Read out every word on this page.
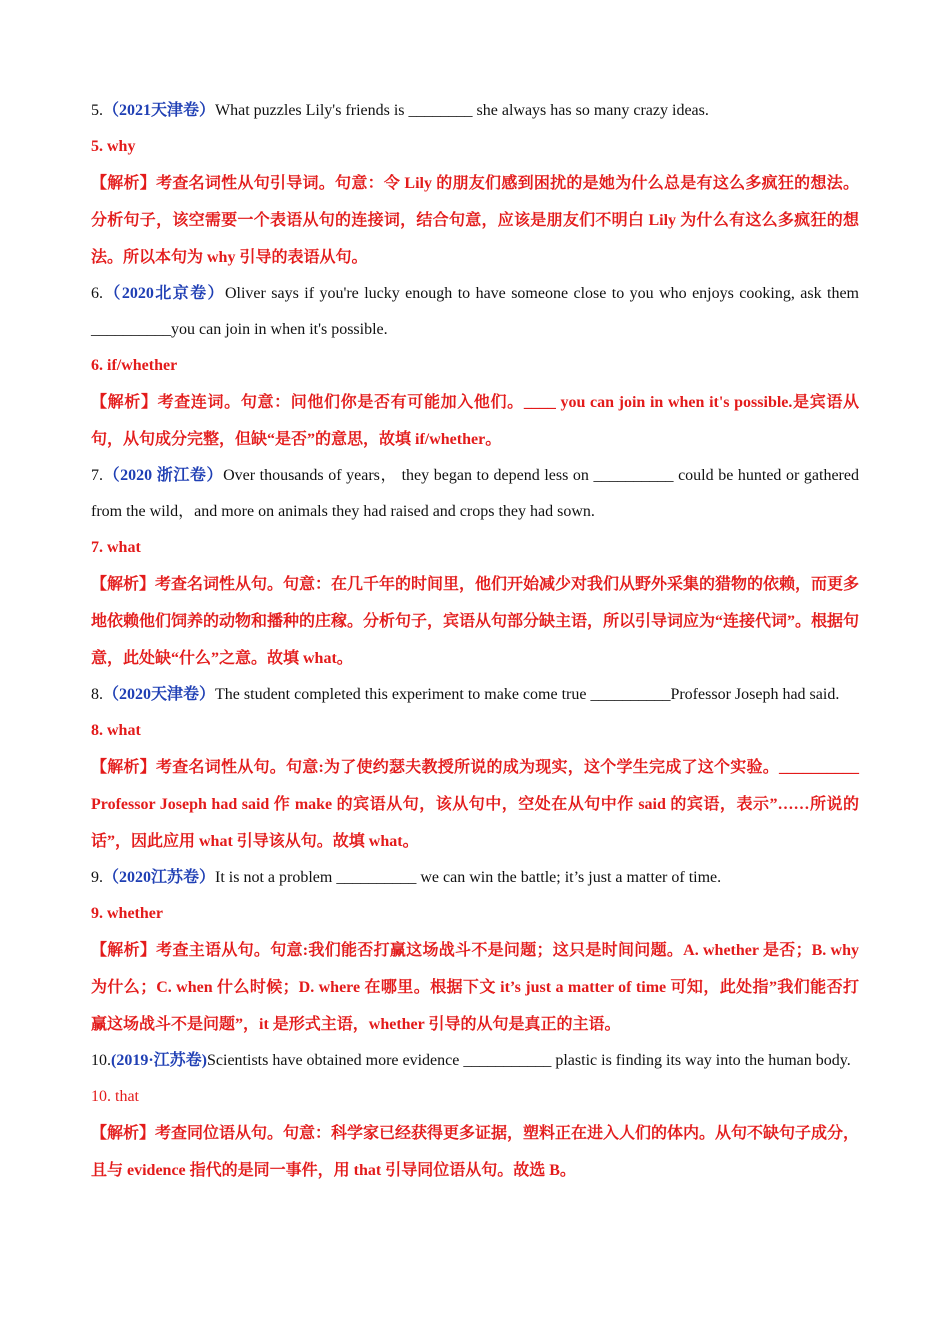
5.（2021天津卷）What puzzles Lily's friends is ________ she always has so many crazy ideas.

5. why

【解析】考查名词性从句引导词。句意：令 Lily 的朋友们感到困扰的是她为什么总是有这么多疯狂的想法。分析句子，该空需要一个表语从句的连接词，结合句意，应该是朋友们不明白 Lily 为什么有这么多疯狂的想法。所以本句为 why 引导的表语从句。

6.（2020北京卷）Oliver says if you're lucky enough to have someone close to you who enjoys cooking, ask them __________you can join in when it's possible.

6. if/whether

【解析】考查连词。句意：问他们你是否有可能加入他们。____ you can join in when it's possible.是宾语从句，从句成分完整，但缺“是否”的意思，故填 if/whether。

7.（2020 浙江卷）Over thousands of years， they began to depend less on __________ could be hunted or gathered from the wild，and more on animals they had raised and crops they had sown.

7. what

【解析】考查名词性从句。句意：在几千年的时间里，他们开始减少对我们从野外采集的猎物的依赖，而更多地依赖他们饲养的动物和播种的庄稼。分析句子，宾语从句部分缺主语，所以引导词应为“连接代词”。根据句意，此处缺“什么”之意。故填 what。

8.（2020天津卷）The student completed this experiment to make come true __________Professor Joseph had said.

8. what

【解析】考查名词性从句。句意:为了使约瑟夫教授所说的成为现实，这个学生完成了这个实验。__________ Professor Joseph had said 作 make 的宾语从句，该从句中，空处在从句中作 said 的宾语，表示”……所说的话”，因此应用 what 引导该从句。故填 what。

9.（2020江苏卷）It is not a problem __________ we can win the battle; it’s just a matter of time.

9. whether

【解析】考查主语从句。句意:我们能否打赢这场战斗不是问题；这只是时间问题。A. whether 是否；B. why 为什么；C. when 什么时候；D. where 在哪里。根据下文 it’s just a matter of time 可知，此处指”我们能否打赢这场战斗不是问题”，it 是形式主语，whether 引导的从句是真正的主语。

10.(2019·江苏卷)Scientists have obtained more evidence ___________ plastic is finding its way into the human body.

10. that

【解析】考查同位语从句。句意：科学家已经获得更多证据，塑料正在进入人们的体内。从句不缺句子成分，且与 evidence 指代的是同一事件，用 that 引导同位语从句。故选 B。
